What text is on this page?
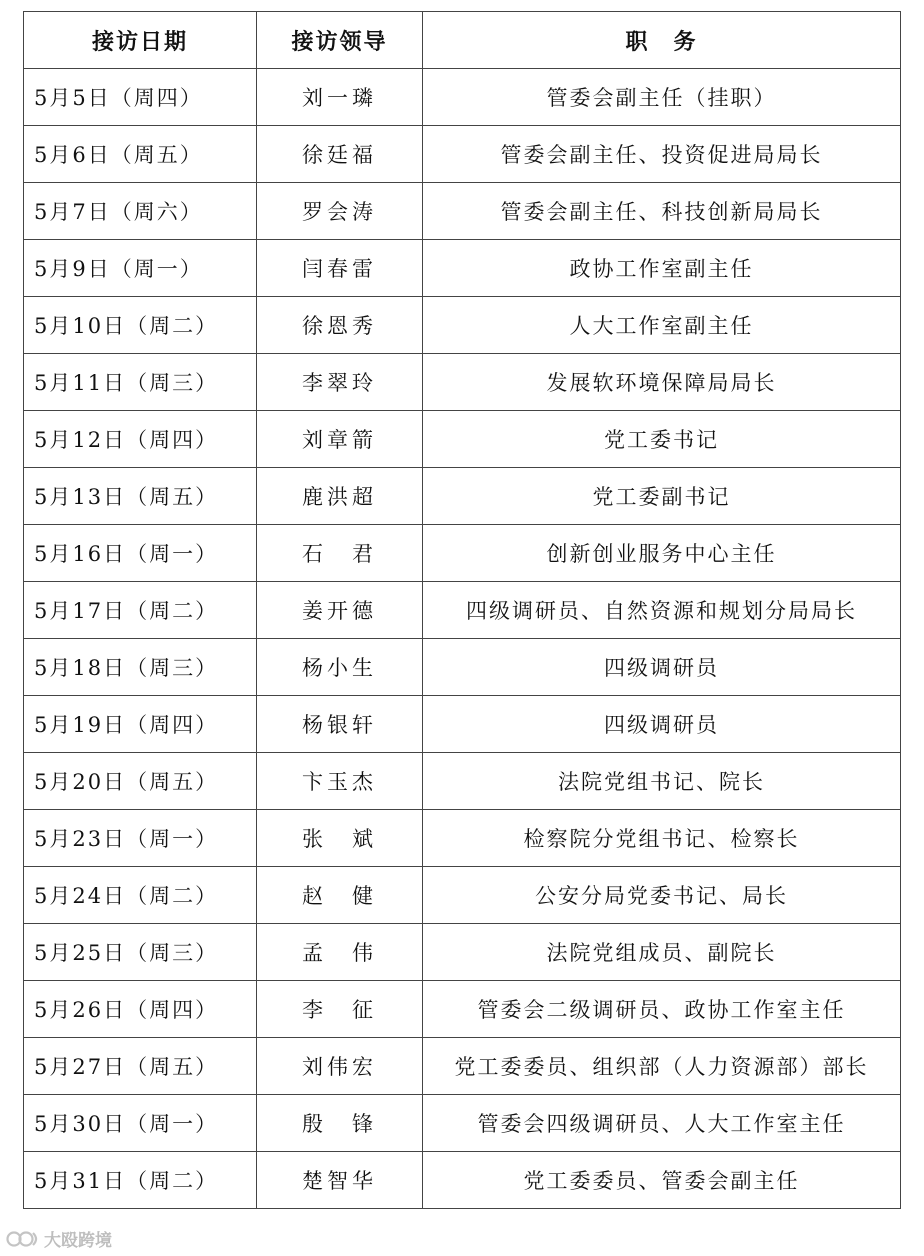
接访日期	接访领导	职　务
5月5日（周四）	刘一璘	管委会副主任（挂职）
5月6日（周五）	徐廷福	管委会副主任、投资促进局局长
5月7日（周六）	罗会涛	管委会副主任、科技创新局局长
5月9日（周一）	闫春雷	政协工作室副主任
5月10日（周二）	徐恩秀	人大工作室副主任
5月11日（周三）	李翠玲	发展软环境保障局局长
5月12日（周四）	刘章箭	党工委书记
5月13日（周五）	鹿洪超	党工委副书记
5月16日（周一）	石　君	创新创业服务中心主任
5月17日（周二）	姜开德	四级调研员、自然资源和规划分局局长
5月18日（周三）	杨小生	四级调研员
5月19日（周四）	杨银轩	四级调研员
5月20日（周五）	卞玉杰	法院党组书记、院长
5月23日（周一）	张　斌	检察院分党组书记、检察长
5月24日（周二）	赵　健	公安分局党委书记、局长
5月25日（周三）	孟　伟	法院党组成员、副院长
5月26日（周四）	李　征	管委会二级调研员、政协工作室主任
5月27日（周五）	刘伟宏	党工委委员、组织部（人力资源部）部长
5月30日（周一）	殷　锋	管委会四级调研员、人大工作室主任
5月31日（周二）	楚智华	党工委委员、管委会副主任
大殴跨境
